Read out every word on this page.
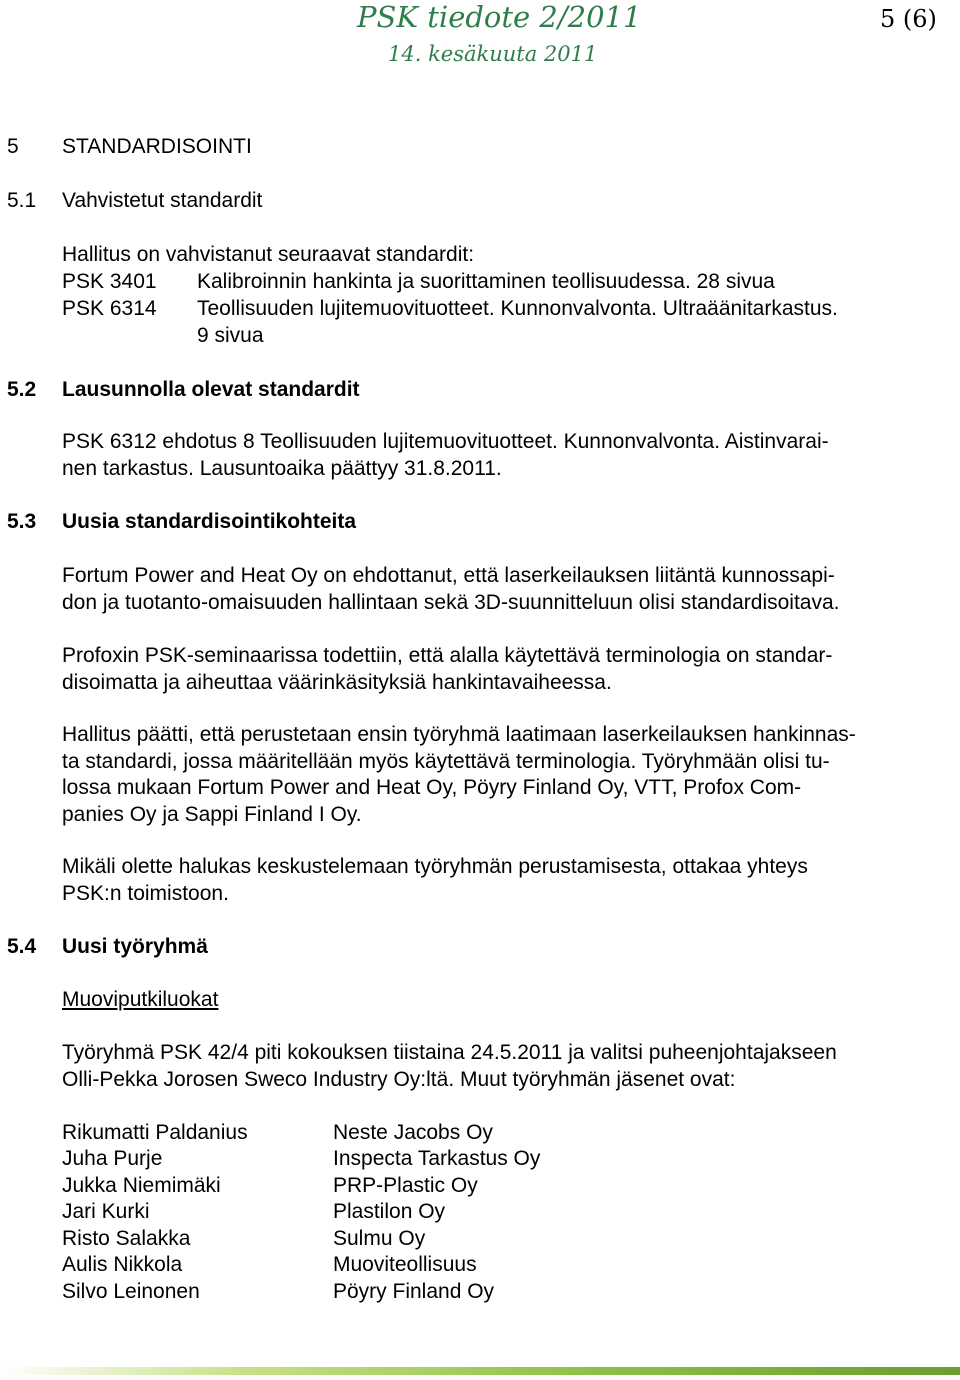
PSK tiedote 2/2011
14. kesäkuuta 2011
5 (6)
5 STANDARDISOINTI
5.1 Vahvistetut standardit
Hallitus on vahvistanut seuraavat standardit:
PSK 3401 Kalibroinnin hankinta ja suorittaminen teollisuudessa. 28 sivua
PSK 6314 Teollisuuden lujitemuovituotteet. Kunnonvalvonta. Ultraäänitarkastus.
9 sivua
5.2 Lausunnolla olevat standardit
PSK 6312 ehdotus 8 Teollisuuden lujitemuovituotteet. Kunnonvalvonta. Aistinvarai-
nen tarkastus. Lausuntoaika päättyy 31.8.2011.
5.3 Uusia standardisointikohteita
Fortum Power and Heat Oy on ehdottanut, että laserkeilauksen liitäntä kunnossapi-
don ja tuotanto-omaisuuden hallintaan sekä 3D-suunnitteluun olisi standardisoitava.
Profoxin PSK-seminaarissa todettiin, että alalla käytettävä terminologia on standar-
disoimatta ja aiheuttaa väärinkäsityksiä hankintavaiheessa.
Hallitus päätti, että perustetaan ensin työryhmä laatimaan laserkeilauksen hankinnas-
ta standardi, jossa määritellään myös käytettävä terminologia. Työryhmään olisi tu-
lossa mukaan Fortum Power and Heat Oy, Pöyry Finland Oy, VTT, Profox Com-
panies Oy ja Sappi Finland I Oy.
Mikäli olette halukas keskustelemaan työryhmän perustamisesta, ottakaa yhteys
PSK:n toimistoon.
5.4 Uusi työryhmä
Muoviputkiluokat
Työryhmä PSK 42/4 piti kokouksen tiistaina 24.5.2011 ja valitsi puheenjohtajakseen
Olli-Pekka Jorosen Sweco Industry Oy:ltä. Muut työryhmän jäsenet ovat:
Rikumatti Paldanius	Neste Jacobs Oy
Juha Purje	Inspecta Tarkastus Oy
Jukka Niemimäki	PRP-Plastic Oy
Jari Kurki	Plastilon Oy
Risto Salakka	Sulmu Oy
Aulis Nikkola	Muoviteollisuus
Silvo Leinonen	Pöyry Finland Oy
